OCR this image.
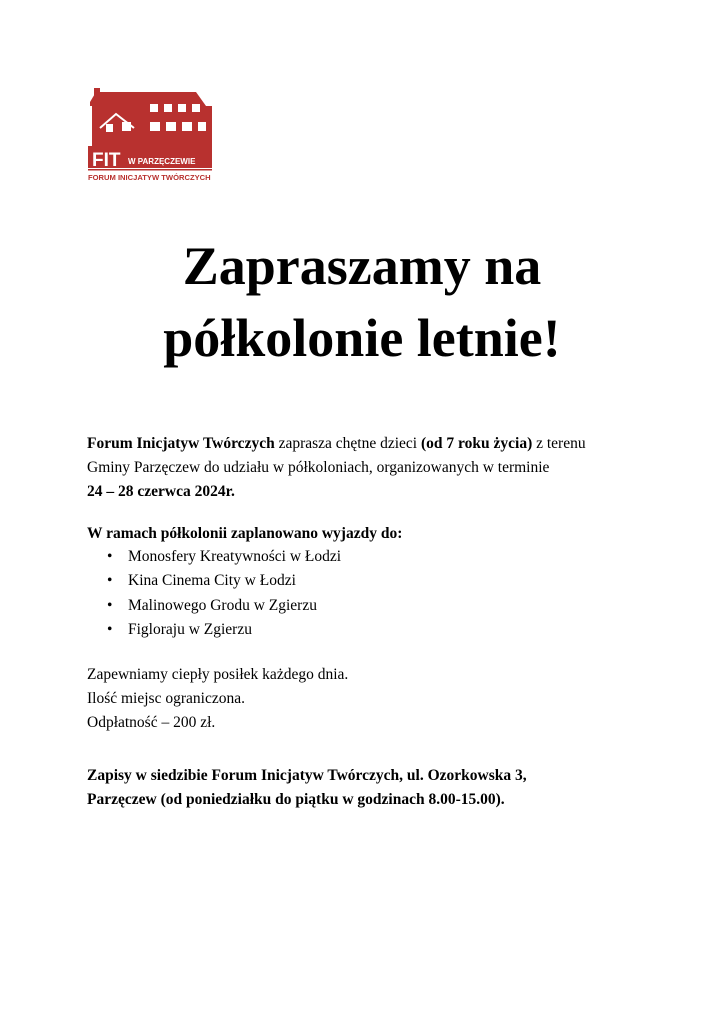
FIT W PARZĘCZEWIE
FORUM INICJATYW TWÓRCZYCH
Zapraszamy na
półkolonie letnie!

Forum Inicjatyw Twórczych zaprasza chętne dzieci (od 7 roku życia) z terenu

Gminy Parzęczew do udziału w półkoloniach, organizowanych w terminie

24 – 28 czerwca 2024r.

W ramach półkolonii zaplanowano wyjazdy do:
• Monosfery Kreatywności w Łodzi
• Kina Cinema City w Łodzi
• Malinowego Grodu w Zgierzu
• Figloraju w Zgierzu

Zapewniamy ciepły posiłek każdego dnia.

Ilość miejsc ograniczona.

Odpłatność – 200 zł.

Zapisy w siedzibie Forum Inicjatyw Twórczych, ul. Ozorkowska 3,

Parzęczew (od poniedziałku do piątku w godzinach 8.00-15.00).
